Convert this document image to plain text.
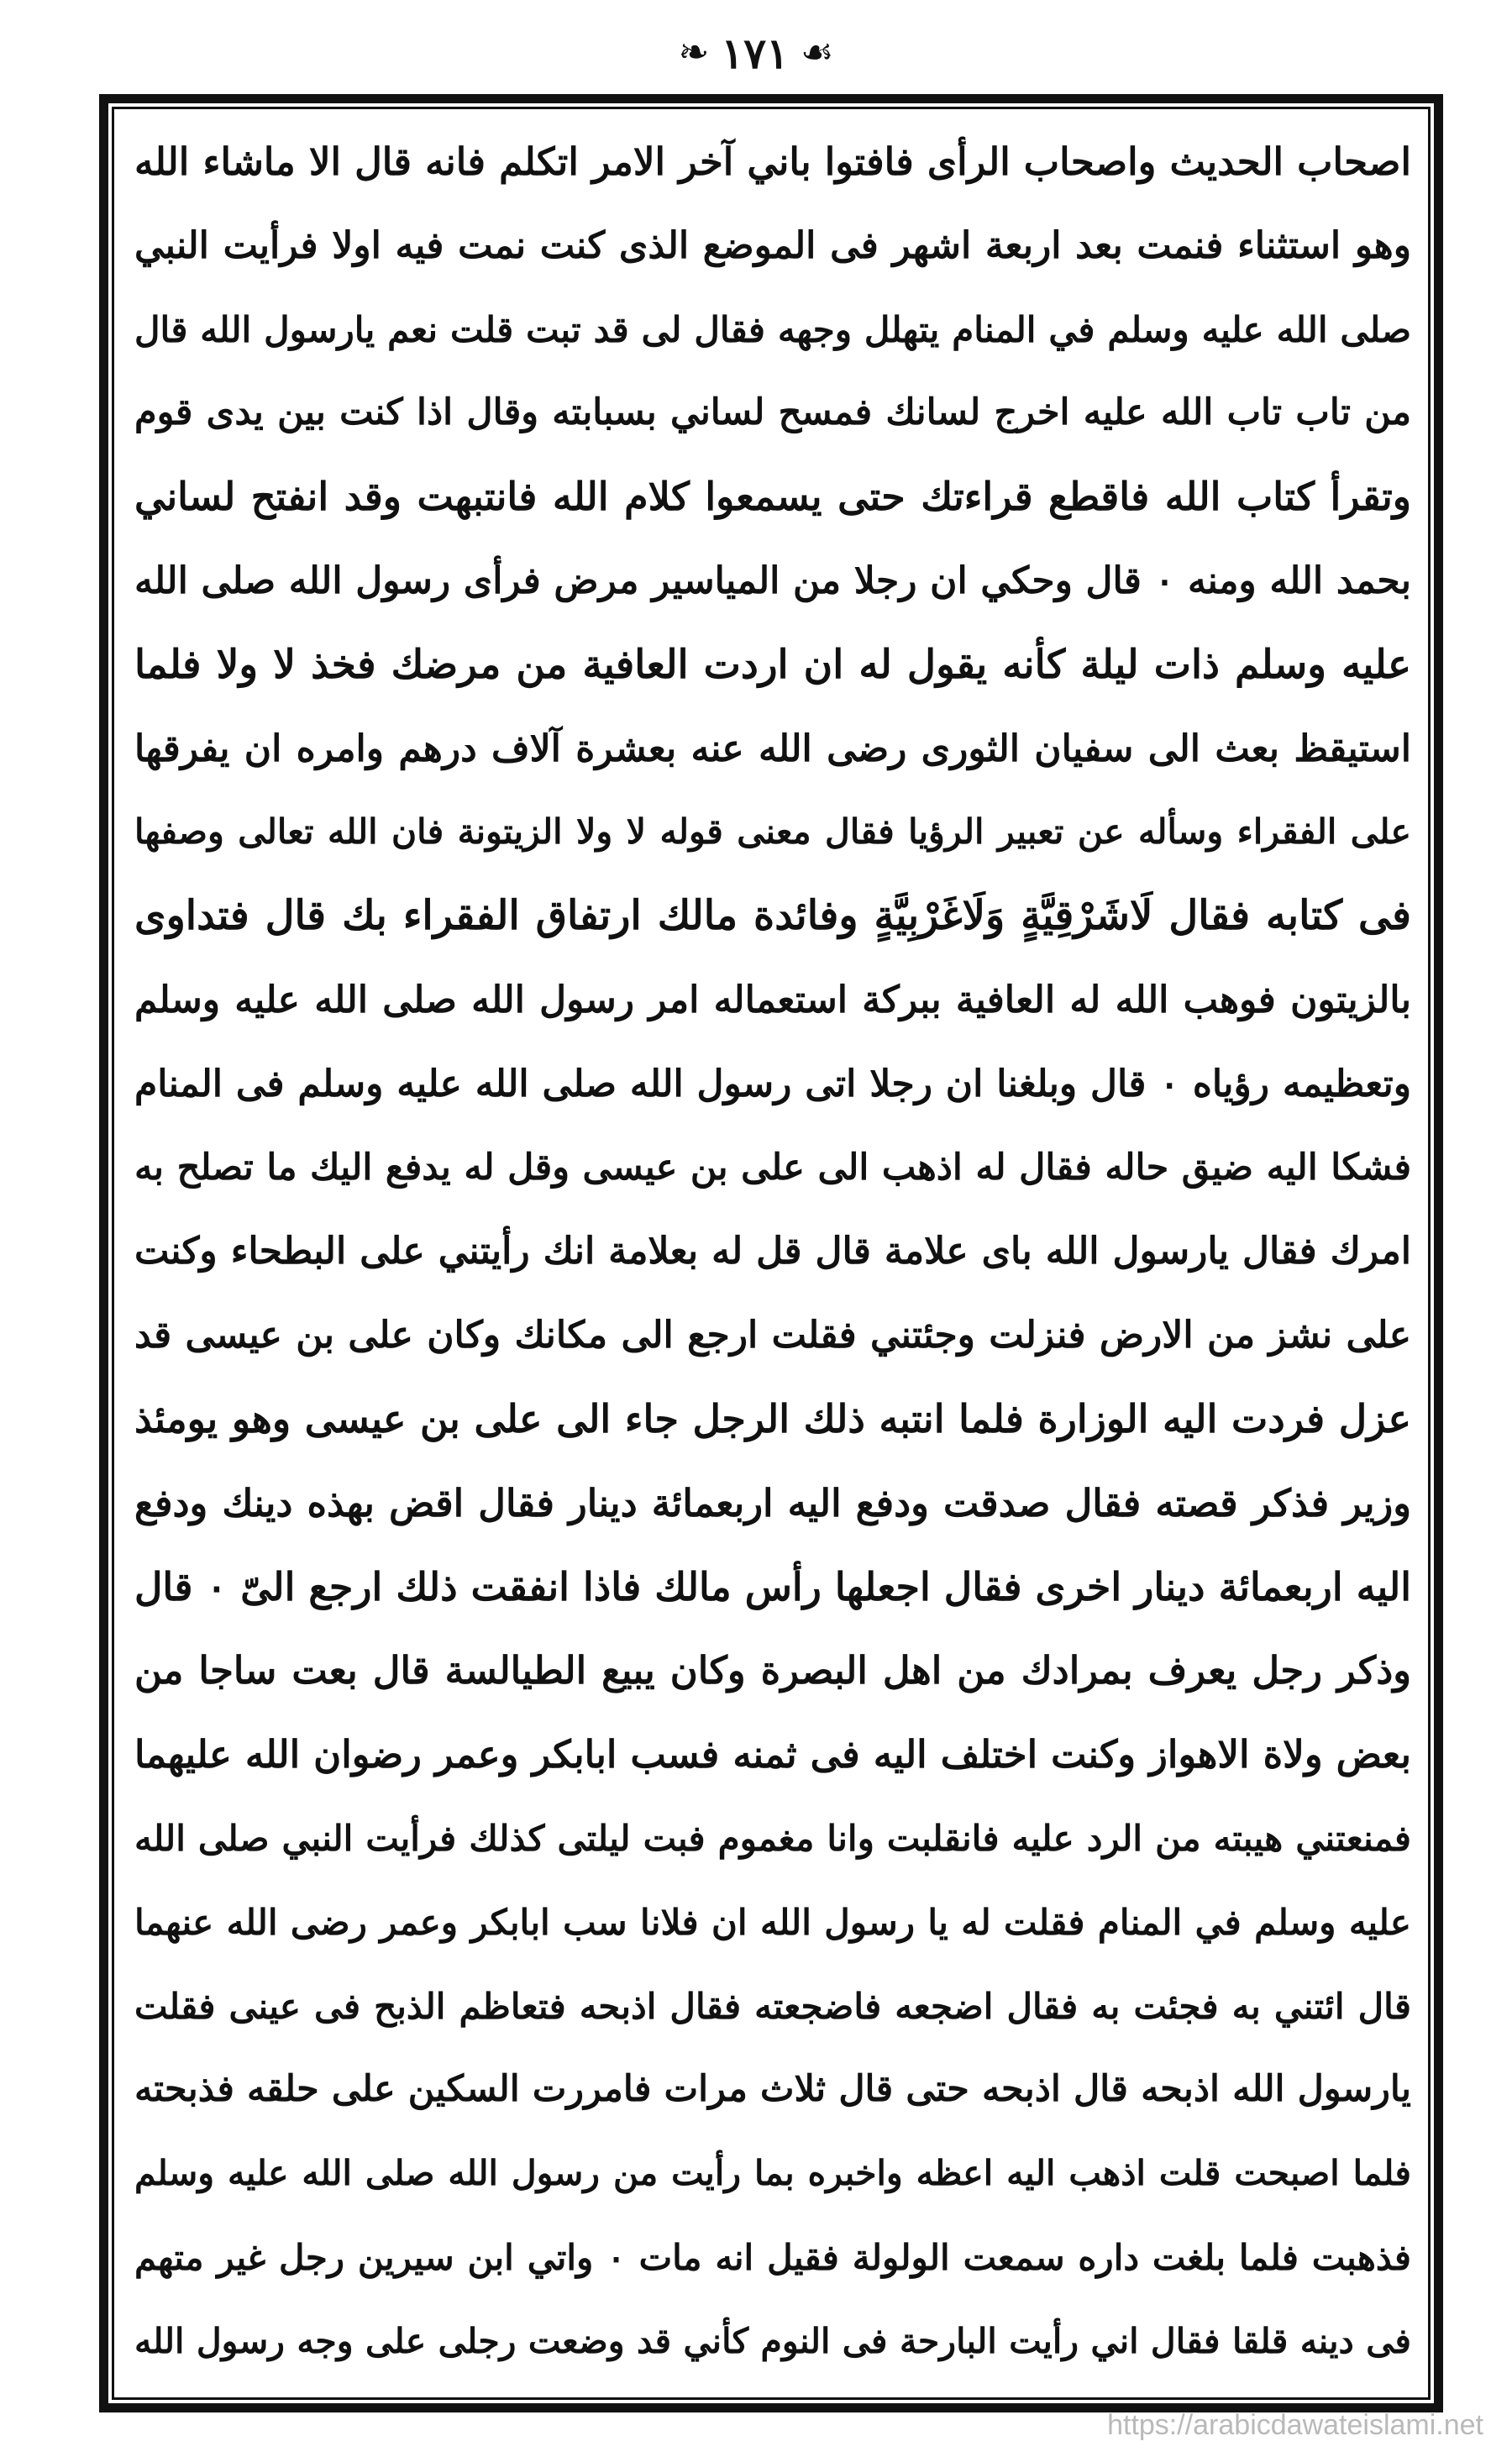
❧ ١٧١ ☙
اصحاب الحديث واصحاب الرأى فافتوا باني آخر الامر اتكلم فانه قال الا ماشاء الله
وهو استثناء فنمت بعد اربعة اشهر فى الموضع الذى كنت نمت فيه اولا فرأيت النبي
صلى الله عليه وسلم في المنام يتهلل وجهه فقال لى قد تبت قلت نعم يارسول الله قال
من تاب تاب الله عليه اخرج لسانك فمسح لساني بسبابته وقال اذا كنت بين يدى قوم
وتقرأ كتاب الله فاقطع قراءتك حتى يسمعوا كلام الله فانتبهت وقد انفتح لساني
بحمد الله ومنه ۰ قال وحكي ان رجلا من المياسير مرض فرأى رسول الله صلى الله
عليه وسلم ذات ليلة كأنه يقول له ان اردت العافية من مرضك فخذ لا ولا فلما
استيقظ بعث الى سفيان الثورى رضى الله عنه بعشرة آلاف درهم وامره ان يفرقها
على الفقراء وسأله عن تعبير الرؤيا فقال معنى قوله لا ولا الزيتونة فان الله تعالى وصفها
فى كتابه فقال لَاشَرْقِيَّةٍ وَلَاغَرْبِيَّةٍ وفائدة مالك ارتفاق الفقراء بك قال فتداوى
بالزيتون فوهب الله له العافية ببركة استعماله امر رسول الله صلى الله عليه وسلم
وتعظيمه رؤياه ۰ قال وبلغنا ان رجلا اتى رسول الله صلى الله عليه وسلم فى المنام
فشكا اليه ضيق حاله فقال له اذهب الى على بن عيسى وقل له يدفع اليك ما تصلح به
امرك فقال يارسول الله باى علامة قال قل له بعلامة انك رأيتني على البطحاء وكنت
على نشز من الارض فنزلت وجئتني فقلت ارجع الى مكانك وكان على بن عيسى قد
عزل فردت اليه الوزارة فلما انتبه ذلك الرجل جاء الى على بن عيسى وهو يومئذ
وزير فذكر قصته فقال صدقت ودفع اليه اربعمائة دينار فقال اقض بهذه دينك ودفع
اليه اربعمائة دينار اخرى فقال اجعلها رأس مالك فاذا انفقت ذلك ارجع الىّ ۰ قال
وذكر رجل يعرف بمرادك من اهل البصرة وكان يبيع الطيالسة قال بعت ساجا من
بعض ولاة الاهواز وكنت اختلف اليه فى ثمنه فسب ابابكر وعمر رضوان الله عليهما
فمنعتني هيبته من الرد عليه فانقلبت وانا مغموم فبت ليلتى كذلك فرأيت النبي صلى الله
عليه وسلم في المنام فقلت له يا رسول الله ان فلانا سب ابابكر وعمر رضى الله عنهما
قال ائتني به فجئت به فقال اضجعه فاضجعته فقال اذبحه فتعاظم الذبح فى عينى فقلت
يارسول الله اذبحه قال اذبحه حتى قال ثلاث مرات فامررت السكين على حلقه فذبحته
فلما اصبحت قلت اذهب اليه اعظه واخبره بما رأيت من رسول الله صلى الله عليه وسلم
فذهبت فلما بلغت داره سمعت الولولة فقيل انه مات ۰ واتي ابن سيرين رجل غير متهم
فى دينه قلقا فقال اني رأيت البارحة فى النوم كأني قد وضعت رجلى على وجه رسول الله
https://arabicdawateislami.net
